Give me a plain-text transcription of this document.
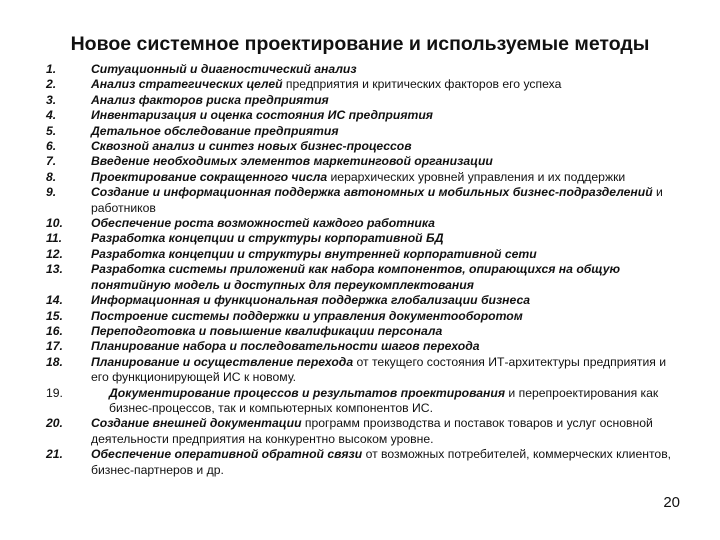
Новое системное проектирование и используемые методы
1.	Ситуационный и диагностический анализ
2.	Анализ стратегических целей предприятия и критических факторов его успеха
3.	Анализ факторов риска предприятия
4.	Инвентаризация и оценка состояния ИС предприятия
5.	Детальное обследование предприятия
6.	Сквозной анализ и синтез новых бизнес-процессов
7.	Введение необходимых элементов маркетинговой организации
8.	Проектирование сокращенного числа иерархических уровней управления и их поддержки
9.	Создание и информационная поддержка автономных и мобильных бизнес-подразделений и работников
10.	Обеспечение роста возможностей каждого работника
11.	Разработка концепции и структуры корпоративной БД
12.	Разработка концепции и структуры внутренней корпоративной сети
13.	Разработка системы приложений как набора компонентов, опирающихся на общую понятийную модель и доступных для переукомплектования
14.	Информационная и функциональная поддержка глобализации бизнеса
15.	Построение системы поддержки и управления документооборотом
16.	Переподготовка и повышение квалификации персонала
17.	Планирование набора и последовательности шагов перехода
18.	Планирование и осуществление перехода от текущего состояния ИТ-архитектуры предприятия и его функционирующей ИС к новому.
19.	Документирование процессов и результатов проектирования и перепроектирования как бизнес-процессов, так и компьютерных компонентов ИС.
20.	Создание внешней документации программ производства и поставок товаров и услуг основной деятельности предприятия на конкурентно высоком уровне.
21.	Обеспечение оперативной обратной связи от возможных потребителей, коммерческих клиентов, бизнес-партнеров и др.
20
